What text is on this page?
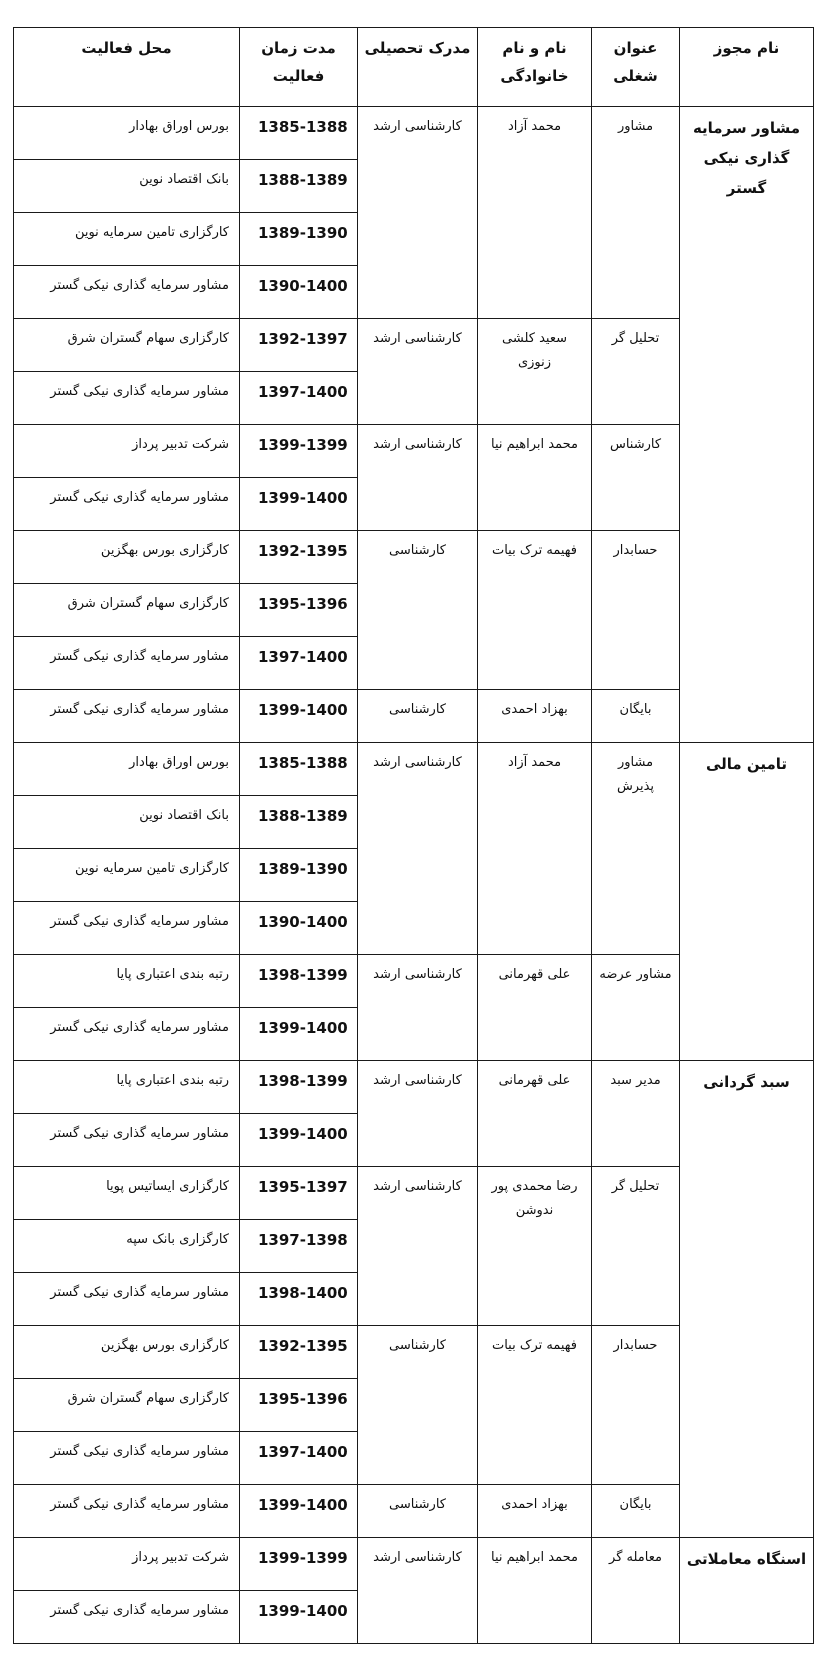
نام مجوز	عنوان شغلی	نام و نام خانوادگی	مدرک تحصیلی	مدت زمان فعالیت	محل فعالیت

مشاور سرمایه گذاری نیکی گستر	مشاور	محمد آزاد	کارشناسی ارشد	1385-1388	بورس اوراق بهادار

				1388-1389	بانک اقتصاد نوین

				1389-1390	کارگزاری تامین سرمایه نوین

				1390-1400	مشاور سرمایه گذاری نیکی گستر

	تحلیل گر	سعید کلشی زنوزی	کارشناسی ارشد	1392-1397	کارگزاری سهام گستران شرق

				1397-1400	مشاور سرمایه گذاری نیکی گستر

	کارشناس	محمد ابراهیم نیا	کارشناسی ارشد	1399-1399	شرکت تدبیر پرداز

				1399-1400	مشاور سرمایه گذاری نیکی گستر

	حسابدار	فهیمه ترک بیات	کارشناسی	1392-1395	کارگزاری بورس بهگزین

				1395-1396	کارگزاری سهام گستران شرق

				1397-1400	مشاور سرمایه گذاری نیکی گستر

	بایگان	بهزاد احمدی	کارشناسی	1399-1400	مشاور سرمایه گذاری نیکی گستر

تامین مالی	مشاور پذیرش	محمد آزاد	کارشناسی ارشد	1385-1388	بورس اوراق بهادار

				1388-1389	بانک اقتصاد نوین

				1389-1390	کارگزاری تامین سرمایه نوین

				1390-1400	مشاور سرمایه گذاری نیکی گستر

	مشاور عرضه	علی قهرمانی	کارشناسی ارشد	1398-1399	رتبه بندی اعتباری پایا

				1399-1400	مشاور سرمایه گذاری نیکی گستر

سبد گردانی	مدیر سبد	علی قهرمانی	کارشناسی ارشد	1398-1399	رتبه بندی اعتباری پایا

				1399-1400	مشاور سرمایه گذاری نیکی گستر

	تحلیل گر	رضا محمدی پور ندوشن	کارشناسی ارشد	1395-1397	کارگزاری ایساتیس پویا

				1397-1398	کارگزاری بانک سپه

				1398-1400	مشاور سرمایه گذاری نیکی گستر

	حسابدار	فهیمه ترک بیات	کارشناسی	1392-1395	کارگزاری بورس بهگزین

				1395-1396	کارگزاری سهام گستران شرق

				1397-1400	مشاور سرمایه گذاری نیکی گستر

	بایگان	بهزاد احمدی	کارشناسی	1399-1400	مشاور سرمایه گذاری نیکی گستر

اسنگاه معاملاتی	معامله گر	محمد ابراهیم نیا	کارشناسی ارشد	1399-1399	شرکت تدبیر پرداز

				1399-1400	مشاور سرمایه گذاری نیکی گستر
